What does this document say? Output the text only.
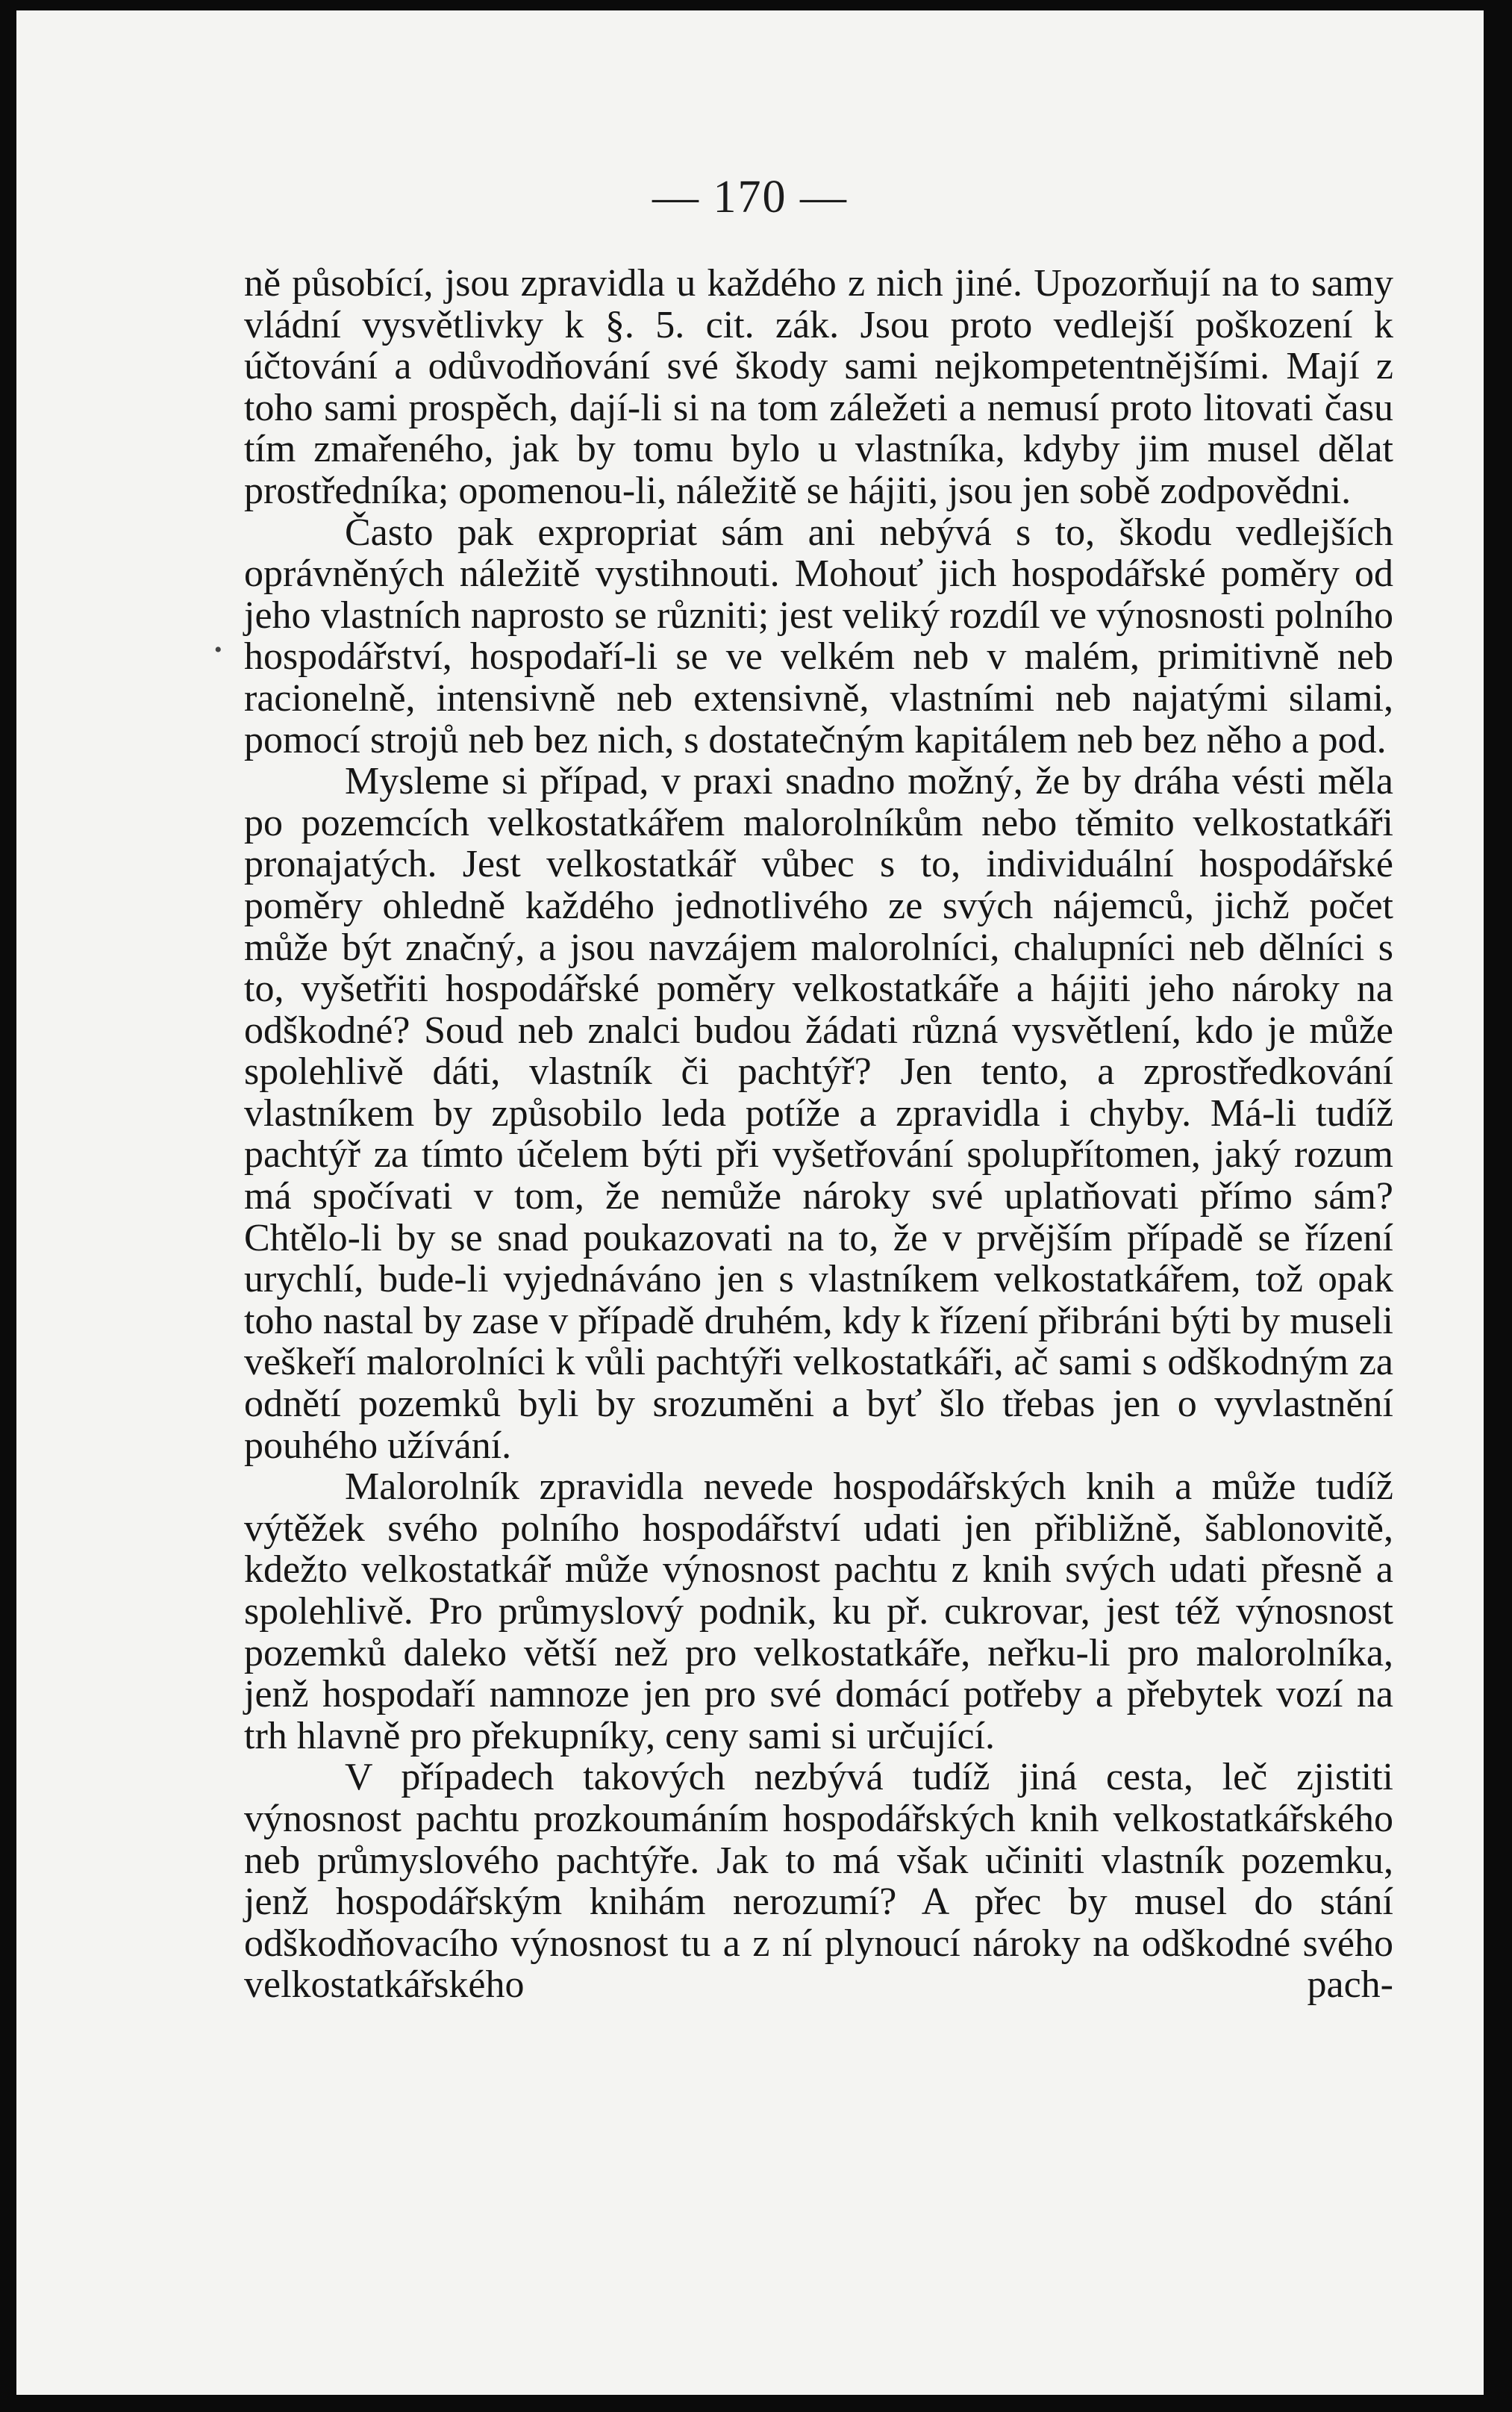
— 170 —

ně působící, jsou zpravidla u každého z nich jiné. Upozorňují na to samy vládní vysvětlivky k §. 5. cit. zák. Jsou proto vedlejší poškození k účtování a odůvodňování své škody sami nejkompetentnějšími. Mají z toho sami prospěch, dají-li si na tom záležeti a nemusí proto litovati času tím zmařeného, jak by tomu bylo u vlastníka, kdyby jim musel dělat prostředníka; opomenou-li, náležitě se hájiti, jsou jen sobě zodpovědni.

Často pak expropriat sám ani nebývá s to, škodu vedlejších oprávněných náležitě vystihnouti. Mohouť jich hospodářské poměry od jeho vlastních naprosto se různiti; jest veliký rozdíl ve výnosnosti polního hospodářství, hospodaří-li se ve velkém neb v malém, primitivně neb racionelně, intensivně neb extensivně, vlastními neb najatými silami, pomocí strojů neb bez nich, s dostatečným kapitálem neb bez něho a pod.

Mysleme si případ, v praxi snadno možný, že by dráha vésti měla po pozemcích velkostatkářem malorolníkům nebo těmito velkostatkáři pronajatých. Jest velkostatkář vůbec s to, individuální hospodářské poměry ohledně každého jednotlivého ze svých nájemců, jichž počet může být značný, a jsou navzájem malorolníci, chalupníci neb dělníci s to, vyšetřiti hospodářské poměry velkostatkáře a hájiti jeho nároky na odškodné? Soud neb znalci budou žádati různá vysvětlení, kdo je může spolehlivě dáti, vlastník či pachtýř? Jen tento, a zprostředkování vlastníkem by způsobilo leda potíže a zpravidla i chyby. Má-li tudíž pachtýř za tímto účelem býti při vyšetřování spolupřítomen, jaký rozum má spočívati v tom, že nemůže nároky své uplatňovati přímo sám? Chtělo-li by se snad poukazovati na to, že v prvějším případě se řízení urychlí, bude-li vyjednáváno jen s vlastníkem velkostatkářem, tož opak toho nastal by zase v případě druhém, kdy k řízení přibráni býti by museli veškeří malorolníci k vůli pachtýři velkostatkáři, ač sami s odškodným za odnětí pozemků byli by srozuměni a byť šlo třebas jen o vyvlastnění pouhého užívání.

Malorolník zpravidla nevede hospodářských knih a může tudíž výtěžek svého polního hospodářství udati jen přibližně, šablonovitě, kdežto velkostatkář může výnosnost pachtu z knih svých udati přesně a spolehlivě. Pro průmyslový podnik, ku př. cukrovar, jest též výnosnost pozemků daleko větší než pro velkostatkáře, neřku-li pro malorolníka, jenž hospodaří namnoze jen pro své domácí potřeby a přebytek vozí na trh hlavně pro překupníky, ceny sami si určující.

V případech takových nezbývá tudíž jiná cesta, leč zjistiti výnosnost pachtu prozkoumáním hospodářských knih velkostatkářského neb průmyslového pachtýře. Jak to má však učiniti vlastník pozemku, jenž hospodářským knihám nerozumí? A přec by musel do stání odškodňovacího výnosnost tu a z ní plynoucí nároky na odškodné svého velkostatkářského pach-

•
